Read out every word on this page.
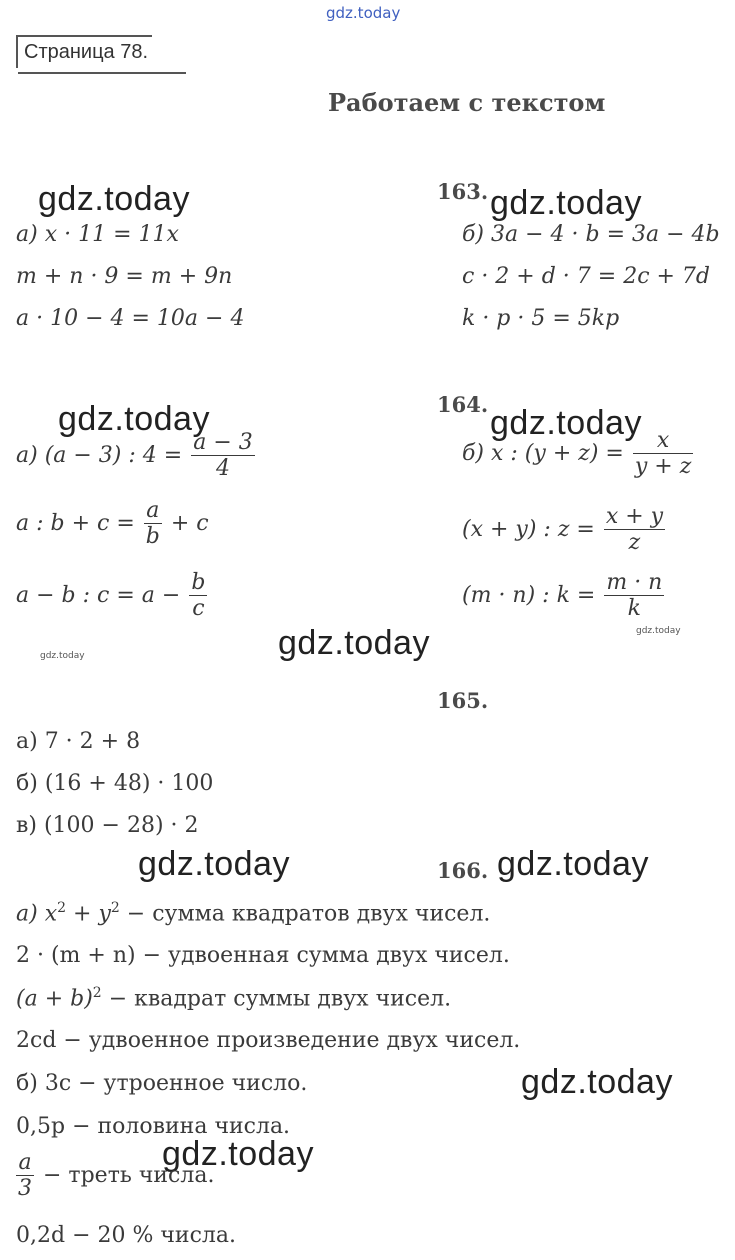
gdz.today
Страница 78.
Работаем с текстом
gdz.today	163. gdz.today
а) x · 11 = 11x
m + n · 9 = m + 9n
a · 10 − 4 = 10a − 4
б) 3a − 4 · b = 3a − 4b
c · 2 + d · 7 = 2c + 7d
k · p · 5 = 5kp
gdz.today	164. gdz.today
а) (a − 3) : $4 = \frac{a - 3}{4}$
a : $b + c = \frac{a}{b} + c$
a − b : $c = a - \frac{b}{c}$
б) x : $(y + z) = \frac{x}{y + z}$
(x + y) : $z = \frac{x + y}{z}$
(m · n) : $k = \frac{m \cdot n}{k}$
gdz.today
gdz.today
gdz.today
165.
а) 7 · 2 + 8
б) (16 + 48) · 100
в) (100 − 28) · 2
gdz.today	166. gdz.today
а) $x^2 + y^2$ − сумма квадратов двух чисел.
2 · (m + n) − удвоенная сумма двух чисел.
$(a + b)^2$ − квадрат суммы двух чисел.
2cd − удвоенное произведение двух чисел.
б) 3c − утроенное число.	gdz.today
0,5p − половина числа.
gdz.today
$\frac{a}{3}$ − треть числа.
0,2d − 20 % числа.
